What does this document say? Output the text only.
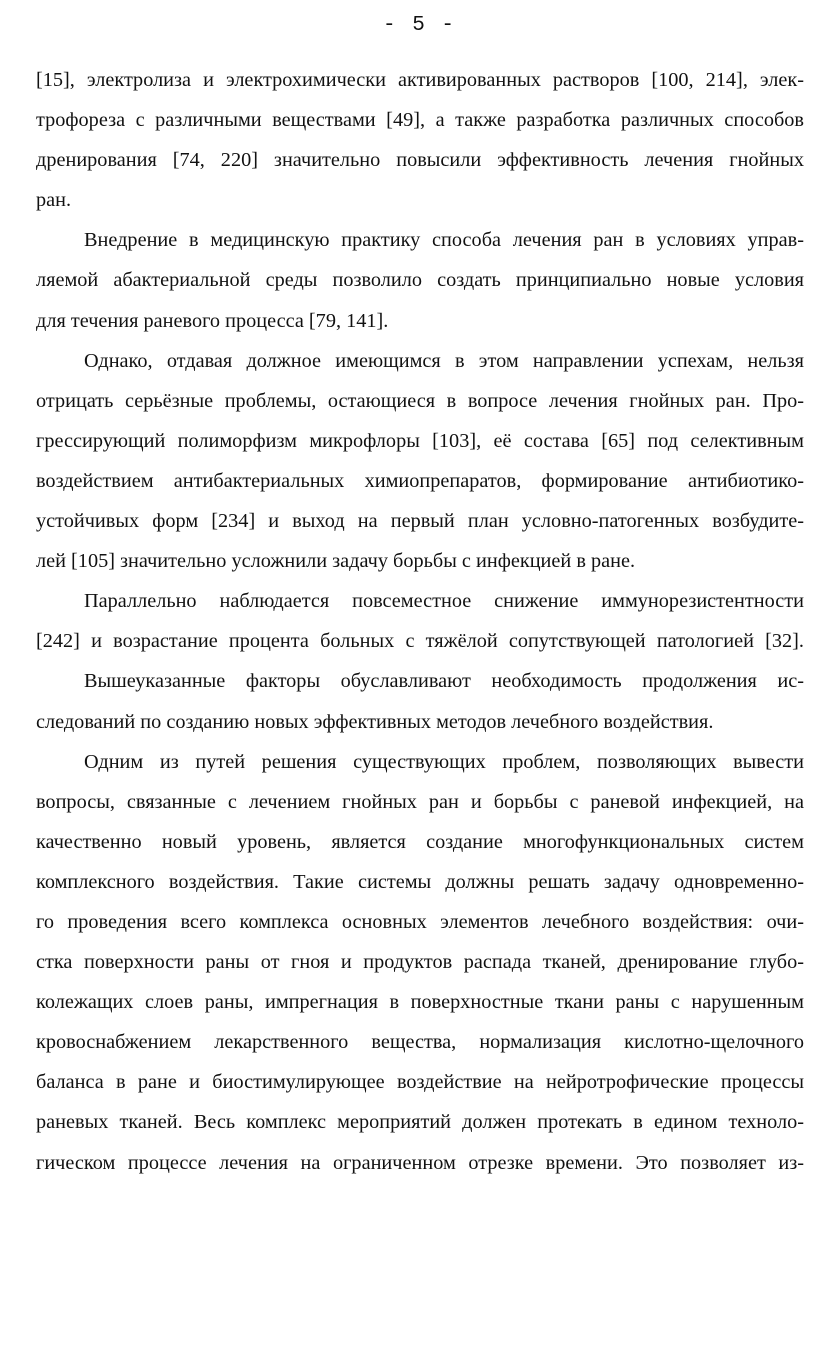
- 5 -
[15], электролиза и электрохимически активированных растворов [100, 214], элек-
трофореза с различными веществами [49], а также разработка различных способов
дренирования [74, 220] значительно повысили эффективность лечения гнойных
ран.
Внедрение в медицинскую практику способа лечения ран в условиях управ-
ляемой абактериальной среды позволило создать принципиально новые условия
для течения раневого процесса [79, 141].
Однако, отдавая должное имеющимся в этом направлении успехам, нельзя
отрицать серьёзные проблемы, остающиеся в вопросе лечения гнойных ран. Про-
грессирующий полиморфизм микрофлоры [103], её состава [65] под селективным
воздействием антибактериальных химиопрепаратов, формирование антибиотико-
устойчивых форм [234] и выход на первый план условно-патогенных возбудите-
лей [105] значительно усложнили задачу борьбы с инфекцией в ране.
Параллельно наблюдается повсеместное снижение иммунорезистентности
[242] и возрастание процента больных с тяжёлой сопутствующей патологией [32].
Вышеуказанные факторы обуславливают необходимость продолжения ис-
следований по созданию новых эффективных методов лечебного воздействия.
Одним из путей решения существующих проблем, позволяющих вывести
вопросы, связанные с лечением гнойных ран и борьбы с раневой инфекцией, на
качественно новый уровень, является создание многофункциональных систем
комплексного воздействия. Такие системы должны решать задачу одновременно-
го проведения всего комплекса основных элементов лечебного воздействия: очи-
стка поверхности раны от гноя и продуктов распада тканей, дренирование глубо-
колежащих слоев раны, импрегнация в поверхностные ткани раны с нарушенным
кровоснабжением лекарственного вещества, нормализация кислотно-щелочного
баланса в ране и биостимулирующее воздействие на нейротрофические процессы
раневых тканей. Весь комплекс мероприятий должен протекать в едином техноло-
гическом процессе лечения на ограниченном отрезке времени. Это позволяет из-
